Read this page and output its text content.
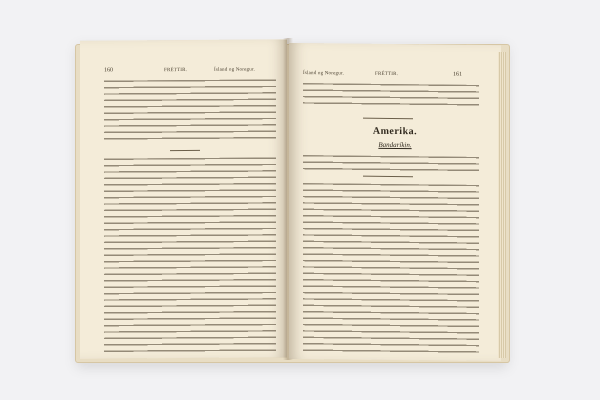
160	FRÉTTIR.	Ísland og Noregur.
Ísland og Noregur.	FRÉTTIR.	161
Amerika.
Bandaríkin.
